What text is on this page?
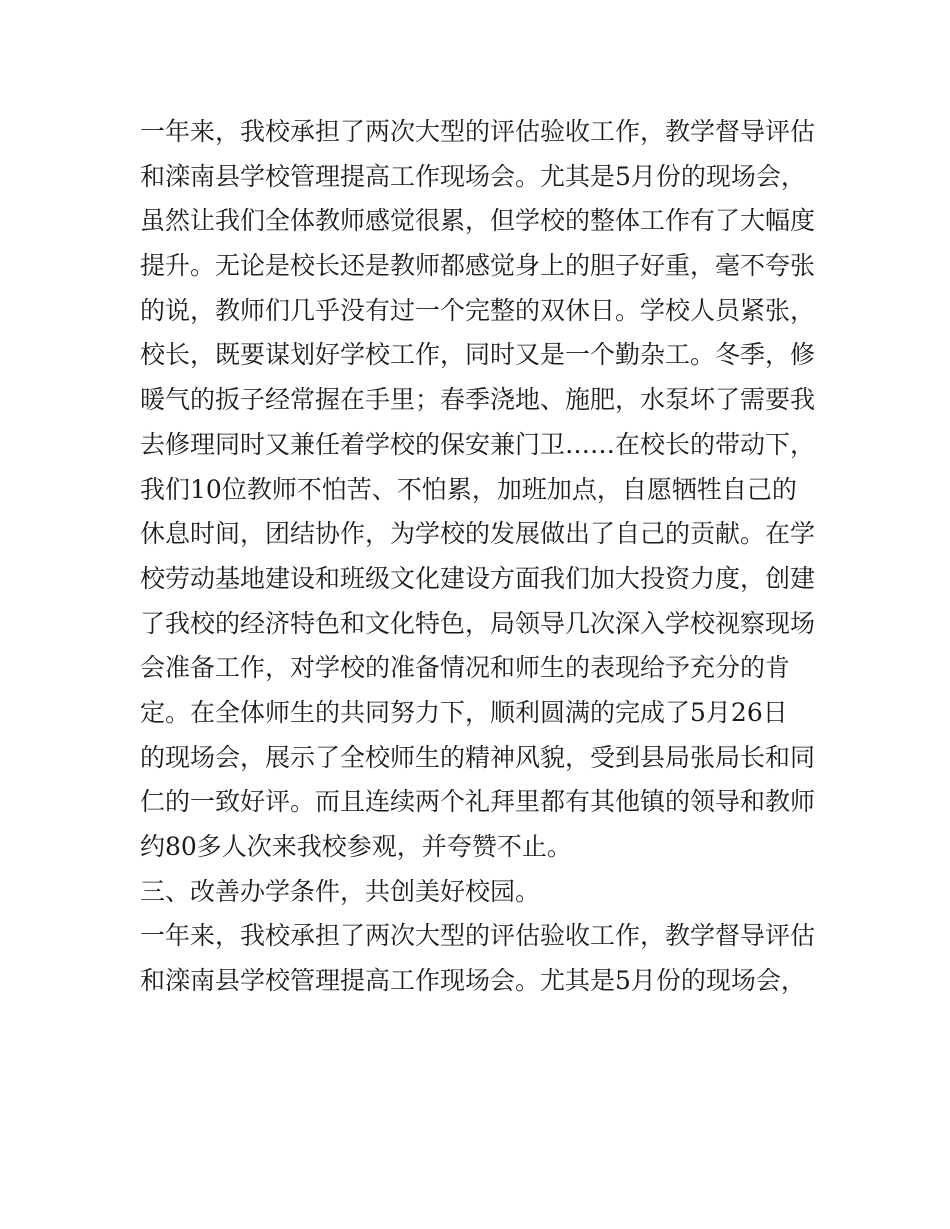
一年来，我校承担了两次大型的评估验收工作，教学督导评估
和滦南县学校管理提高工作现场会。尤其是5月份的现场会，
虽然让我们全体教师感觉很累，但学校的整体工作有了大幅度
提升。无论是校长还是教师都感觉身上的胆子好重，毫不夸张
的说，教师们几乎没有过一个完整的双休日。学校人员紧张，
校长，既要谋划好学校工作，同时又是一个勤杂工。冬季，修
暖气的扳子经常握在手里；春季浇地、施肥，水泵坏了需要我
去修理同时又兼任着学校的保安兼门卫……在校长的带动下，
我们10位教师不怕苦、不怕累，加班加点，自愿牺牲自己的
休息时间，团结协作，为学校的发展做出了自己的贡献。在学
校劳动基地建设和班级文化建设方面我们加大投资力度，创建
了我校的经济特色和文化特色，局领导几次深入学校视察现场
会准备工作，对学校的准备情况和师生的表现给予充分的肯
定。在全体师生的共同努力下，顺利圆满的完成了5月26日
的现场会，展示了全校师生的精神风貌，受到县局张局长和同
仁的一致好评。而且连续两个礼拜里都有其他镇的领导和教师
约80多人次来我校参观，并夸赞不止。
三、改善办学条件，共创美好校园。
一年来，我校承担了两次大型的评估验收工作，教学督导评估
和滦南县学校管理提高工作现场会。尤其是5月份的现场会，
